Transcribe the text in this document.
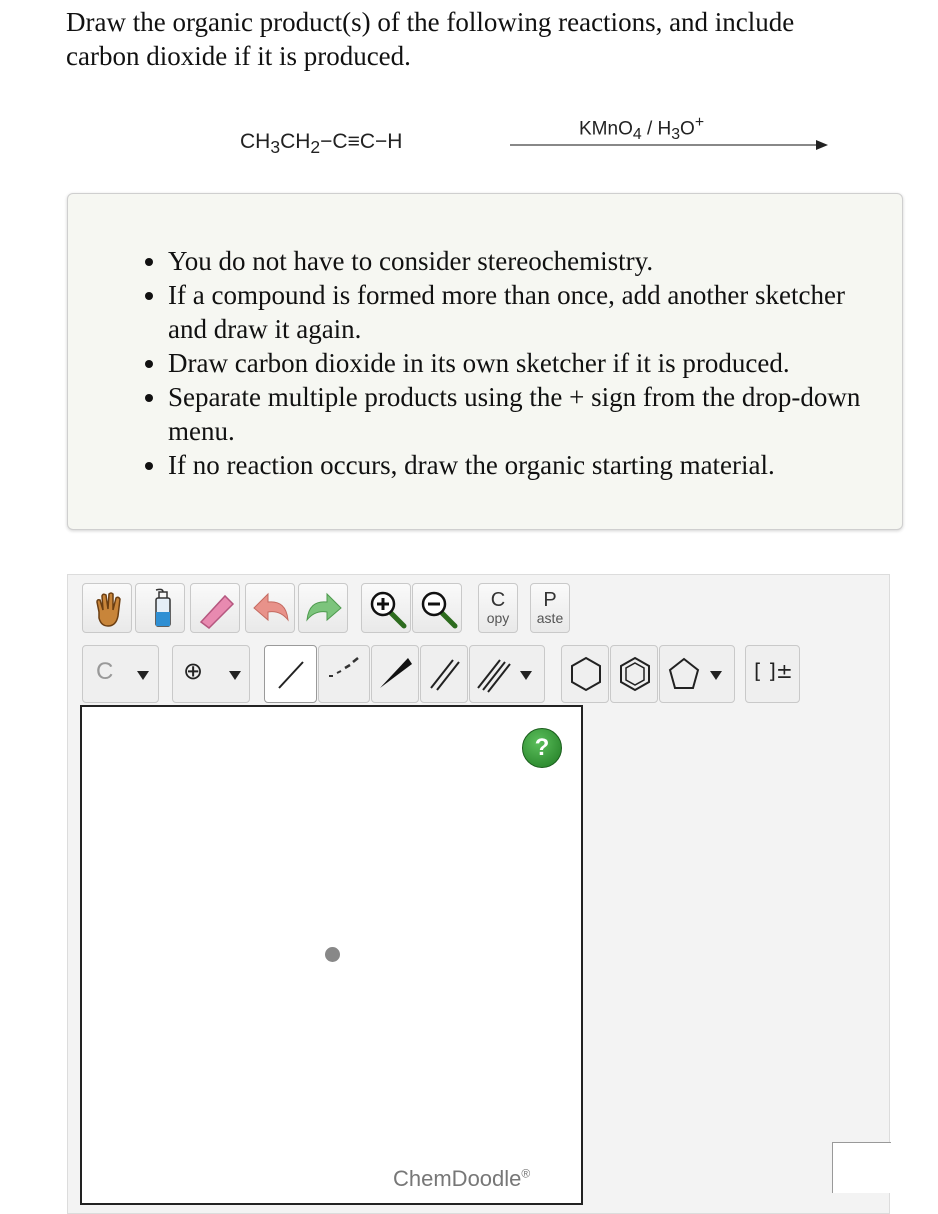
Draw the organic product(s) of the following reactions, and include
carbon dioxide if it is produced.
$CH_3CH_2-C\equiv C-H$
KMnO$_4$ / $H_3O^+$
• You do not have to consider stereochemistry.
• If a compound is formed more than once, add another sketcher and draw it again.
• Draw carbon dioxide in its own sketcher if it is produced.
• Separate multiple products using the + sign from the drop-down menu.
• If no reaction occurs, draw the organic starting material.
C
opy
P
aste
C	⊕	[ ]±
?
ChemDoodle®
